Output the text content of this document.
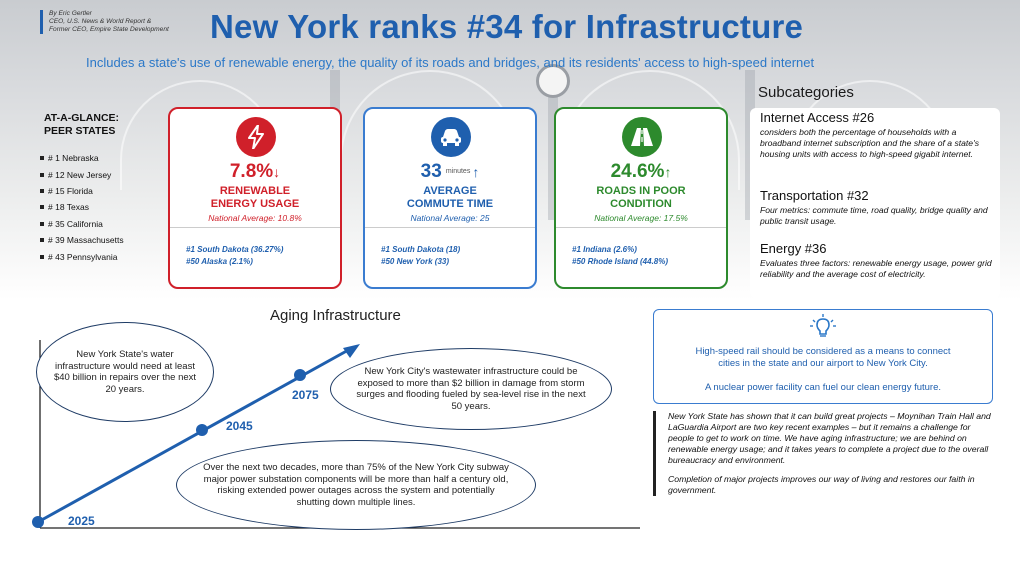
By Eric Gertler
CEO, U.S. News & World Report &
Former CEO, Empire State Development New York ranks #34 for Infrastructure
Includes a state's use of renewable energy, the quality of its roads and bridges, and its residents' access to high-speed internet
AT-A-GLANCE:
PEER STATES
# 1 Nebraska
# 12 New Jersey
# 15 Florida
# 18 Texas
# 35 California
# 39 Massachusetts
# 43 Pennsylvania
7.8%↓
RENEWABLE
ENERGY USAGE
National Average: 10.8%
#1 South Dakota (36.27%)
#50 Alaska (2.1%)
33 minutes ↑
AVERAGE
COMMUTE TIME
National Average: 25
#1 South Dakota (18)
#50 New York (33)
24.6%↑
ROADS IN POOR
CONDITION
National Average: 17.5%
#1 Indiana (2.6%)
#50 Rhode Island (44.8%)
Subcategories
Internet Access #26
considers both the percentage of households with a broadband internet subscription and the share of a state's housing units with access to high-speed gigabit internet.
Transportation #32
Four metrics: commute time, road quality, bridge quality and public transit usage.
Energy #36
Evaluates three factors: renewable energy usage, power grid reliability and the average cost of electricity.
Aging Infrastructure
2025
2045
2075
New York State's water infrastructure would need at least $40 billion in repairs over the next 20 years.
New York City's wastewater infrastructure could be exposed to more than $2 billion in damage from storm surges and flooding fueled by sea-level rise in the next 50 years.
Over the next two decades, more than 75% of the New York City subway major power substation components will be more than half a century old, risking extended power outages across the system and potentially shutting down multiple lines.
High-speed rail should be considered as a means to connect
cities in the state and our airport to New York City.
A nuclear power facility can fuel our clean energy future.

New York State has shown that it can build great projects – Moynihan Train Hall and LaGuardia Airport are two key recent examples – but it remains a challenge for people to get to work on time. We have aging infrastructure; we are behind on renewable energy usage; and it takes years to complete a project due to the overall bureaucracy and environment.

Completion of major projects improves our way of living and restores our faith in government.
